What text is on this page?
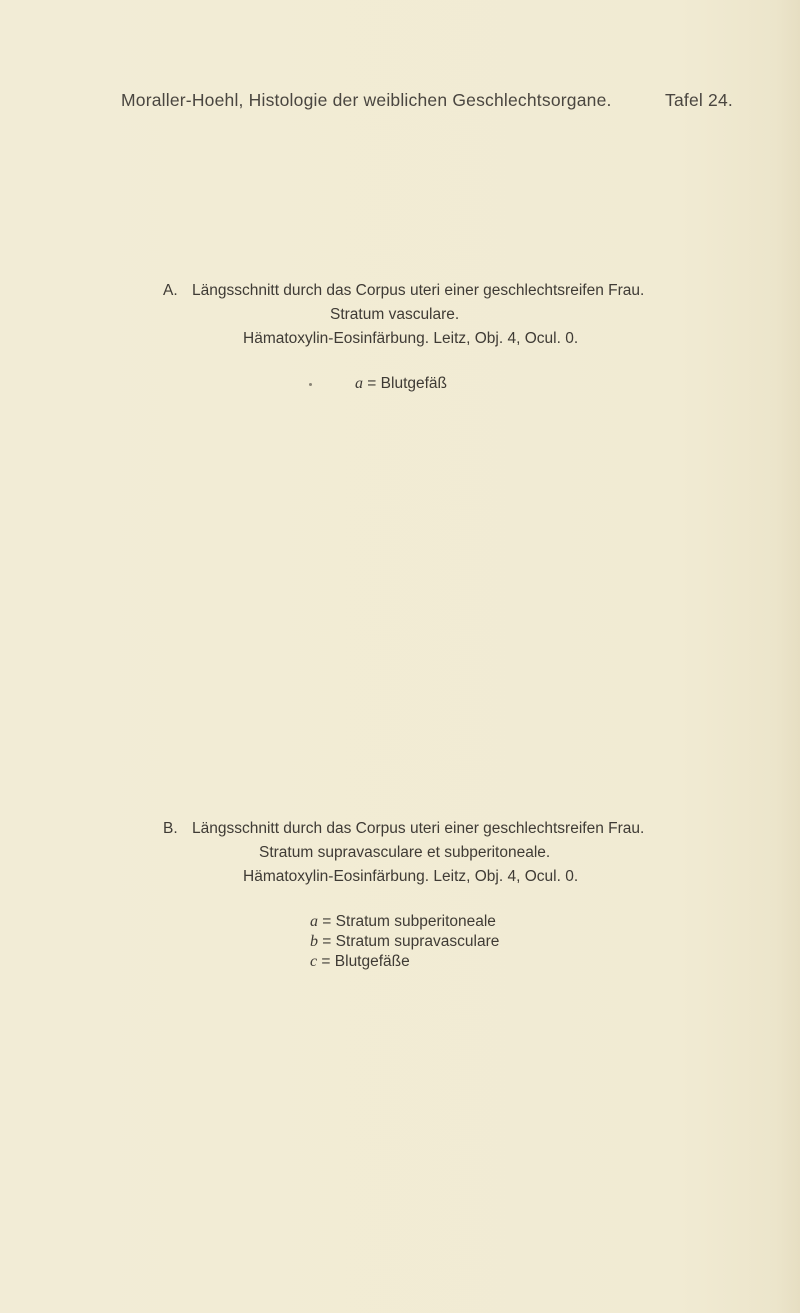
Moraller-Hoehl, Histologie der weiblichen Geschlechtsorgane.	Tafel 24.
A. Längsschnitt durch das Corpus uteri einer geschlechtsreifen Frau.
Stratum vasculare.
Hämatoxylin-Eosinfärbung. Leitz, Obj. 4, Ocul. 0.
a = Blutgefäß
B. Längsschnitt durch das Corpus uteri einer geschlechtsreifen Frau.
Stratum supravasculare et subperitoneale.
Hämatoxylin-Eosinfärbung. Leitz, Obj. 4, Ocul. 0.
a = Stratum subperitoneale
b = Stratum supravasculare
c = Blutgefäße
